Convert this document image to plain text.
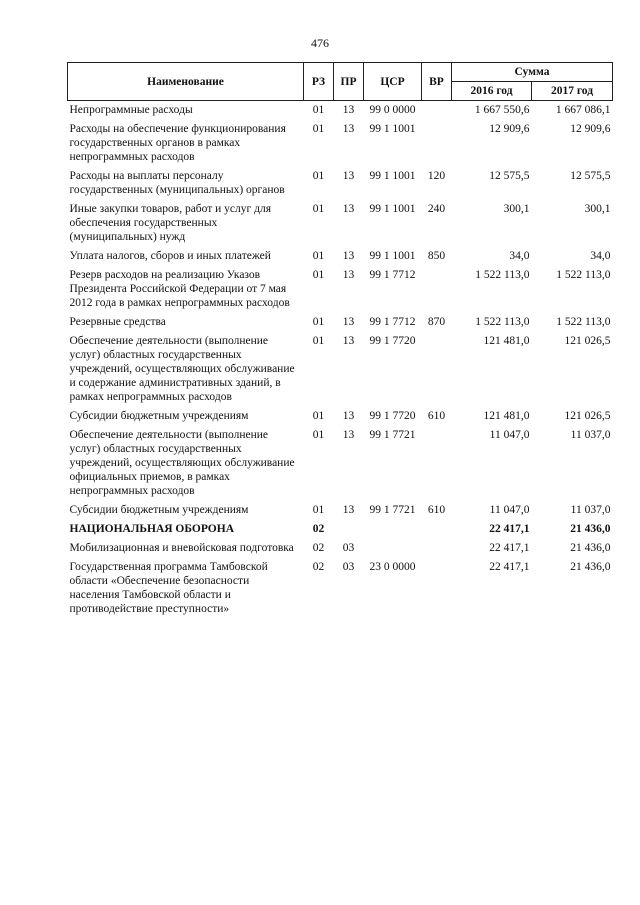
476
Наименование	РЗ	ПР	ЦСР	ВР	Сумма	
					2016 год	2017 год
Непрограммные расходы	01	13	99 0 0000		1 667 550,6	1 667 086,1
Расходы на обеспечение функционирования государственных органов в рамках непрограммных расходов	01	13	99 1 1001		12 909,6	12 909,6
Расходы на выплаты персоналу государственных (муниципальных) органов	01	13	99 1 1001	120	12 575,5	12 575,5
Иные закупки товаров, работ и услуг для обеспечения государственных (муниципальных) нужд	01	13	99 1 1001	240	300,1	300,1
Уплата налогов, сборов и иных платежей	01	13	99 1 1001	850	34,0	34,0
Резерв расходов на реализацию Указов Президента Российской Федерации от 7 мая 2012 года в рамках непрограммных расходов	01	13	99 1 7712		1 522 113,0	1 522 113,0
Резервные средства	01	13	99 1 7712	870	1 522 113,0	1 522 113,0
Обеспечение деятельности (выполнение услуг) областных государственных учреждений, осуществляющих обслуживание и содержание административных зданий, в рамках непрограммных расходов	01	13	99 1 7720		121 481,0	121 026,5
Субсидии бюджетным учреждениям	01	13	99 1 7720	610	121 481,0	121 026,5
Обеспечение деятельности (выполнение услуг) областных государственных учреждений, осуществляющих обслуживание официальных приемов, в рамках непрограммных расходов	01	13	99 1 7721		11 047,0	11 037,0
Субсидии бюджетным учреждениям	01	13	99 1 7721	610	11 047,0	11 037,0
НАЦИОНАЛЬНАЯ ОБОРОНА	02				22 417,1	21 436,0
Мобилизационная и вневойсковая подготовка	02	03			22 417,1	21 436,0
Государственная программа Тамбовской области «Обеспечение безопасности населения Тамбовской области и противодействие преступности»	02	03	23 0 0000		22 417,1	21 436,0
